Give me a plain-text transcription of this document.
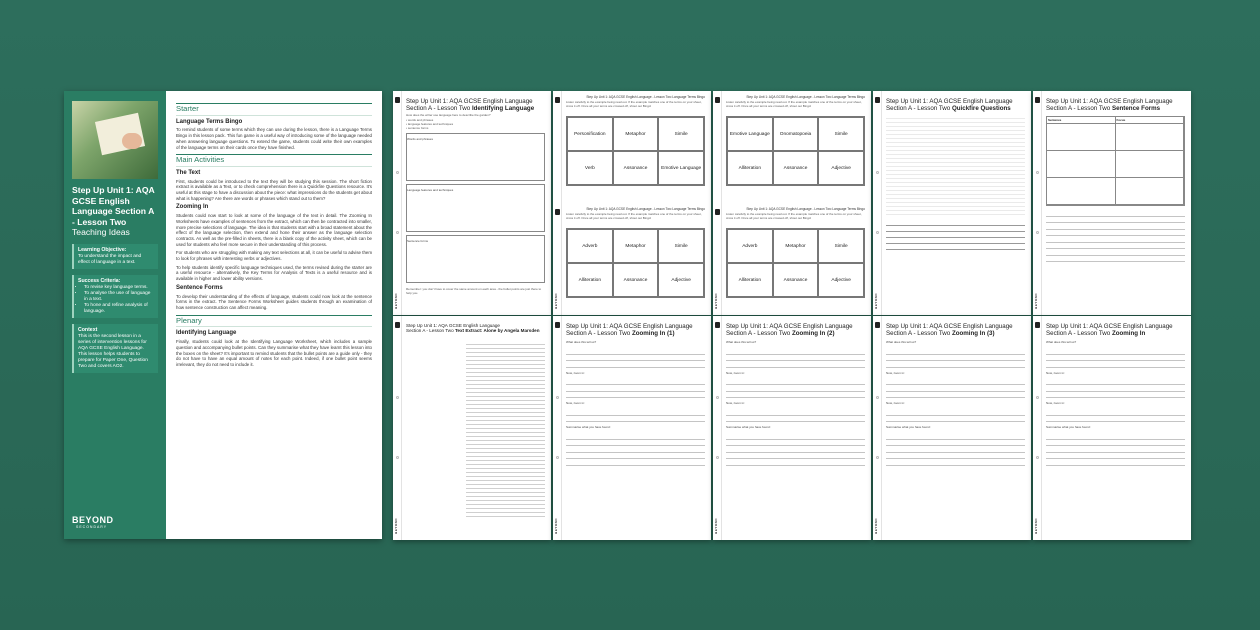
Step Up Unit 1: AQA GCSE English Language Section A - Lesson Two
Teaching Ideas
Learning Objective:
To understand the impact and effect of language in a text.
Success Criteria:
• To revise key language terms.
• To analyse the use of language in a text.
• To hone and refine analysis of language.
Context
This is the second lesson in a series of intervention lessons for AQA GCSE English Language. This lesson helps students to prepare for Paper One, Question Two and covers AO2.
BEYOND
SECONDARY
Starter
Language Terms Bingo

To remind students of some terms which they can use during the lesson, there is a Language Terms Bingo in this lesson pack. This fun game is a useful way of introducing some of the language needed when answering language questions. To extend the game, students could write their own examples of the language terms on their cards once they have finished.

Main Activities
The Text

First, students could be introduced to the text they will be studying this session. The short fiction extract is available as a Text, or to check comprehension there is a Quickfire Questions resource. It's useful at this stage to have a discussion about the piece: what impressions do the students get about what is happening? Are there are words or phrases which stand out to them?

Zooming In

Students could now start to look at some of the language of the text in detail. The Zooming In Worksheets have examples of sentences from the extract, which can then be contracted into smaller, more precise selections of language. The idea is that students start with a broad statement about the effect of the language selection, then extend and hone their answer as the language selection contracts. As well as the pre-filled in sheets, there is a blank copy of the activity sheet, which can be used for students who feel more secure in their understanding of this process.

For students who are struggling with making any text selections at all, it can be useful to advise them to look for phrases with interesting verbs or adjectives.

To help students identify specific language techniques used, the terms revised during the starter are a useful resource - alternatively, the Key Terms for Analysis of Texts is a useful resource and is available in higher and lower ability versions.

Sentence Forms

To develop their understanding of the effects of language, students could now look at the sentence forms in the extract. The Sentence Forms Worksheet guides students through an examination of how sentence construction can affect meaning.

Plenary
Identifying Language

Finally, students could look at the Identifying Language Worksheet, which includes a sample question and accompanying bullet points. Can they summarise what they have learnt this lesson into the boxes on the sheet? It's important to remind students that the bullet points are a guide only - they do not have to have an equal amount of notes for each point. Indeed, if one bullet point seems irrelevant, they do not need to include it.

BEYOND
Step Up Unit 1: AQA GCSE English Language
Section A - Lesson Two Identifying Language
How does the writer use language here to describe the garden?
• words and phrases
• language features and techniques
• sentence forms
Words and phrases
Language features and techniques
Sentence forms
Remember: you don't have to cover the same amount on each area - the bullet points are just there to help you.	BEYOND
Step Up Unit 1: AQA GCSE English Language - Lesson Two Language Terms Bingo
Listen carefully to the example being read out. If the example matches one of the terms on your sheet, cross it off. Once all your terms are crossed off, shout out Bingo!
Personification	Metaphor	Simile
Verb	Assonance	Emotive Language
Step Up Unit 1: AQA GCSE English Language - Lesson Two Language Terms Bingo
Listen carefully to the example being read out. If the example matches one of the terms on your sheet, cross it off. Once all your terms are crossed off, shout out Bingo!
Adverb	Metaphor	Simile
Alliteration	Assonance	Adjective
BEYOND
Step Up Unit 1: AQA GCSE English Language - Lesson Two Language Terms Bingo
Listen carefully to the example being read out. If the example matches one of the terms on your sheet, cross it off. Once all your terms are crossed off, shout out Bingo!
Emotive Language	Onomatopoeia	Simile
Alliteration	Assonance	Adjective
Step Up Unit 1: AQA GCSE English Language - Lesson Two Language Terms Bingo
Listen carefully to the example being read out. If the example matches one of the terms on your sheet, cross it off. Once all your terms are crossed off, shout out Bingo!
Adverb	Metaphor	Simile
Alliteration	Assonance	Adjective
BEYOND
Step Up Unit 1: AQA GCSE English Language
Section A - Lesson Two Quickfire Questions
BEYOND
Step Up Unit 1: AQA GCSE English Language
Section A - Lesson Two Sentence Forms
Sentence	Focus
BEYOND
Step Up Unit 1: AQA GCSE English Language
Section A - Lesson Two Text Extract: Alone by Angela Marsden
BEYOND
Step Up Unit 1: AQA GCSE English Language
Section A - Lesson Two Zooming In (1)
What does this tell us?
Now, zoom in:
Now, zoom in:
Summarise what you have found:
BEYOND
Step Up Unit 1: AQA GCSE English Language
Section A - Lesson Two Zooming In (2)
What does this tell us?
Now, zoom in:
Now, zoom in:
Summarise what you have found:
BEYOND
Step Up Unit 1: AQA GCSE English Language
Section A - Lesson Two Zooming In (3)
What does this tell us?
Now, zoom in:
Now, zoom in:
Summarise what you have found:
BEYOND
Step Up Unit 1: AQA GCSE English Language
Section A - Lesson Two Zooming In
What does this tell us?
Now, zoom in:
Now, zoom in:
Summarise what you have found:
